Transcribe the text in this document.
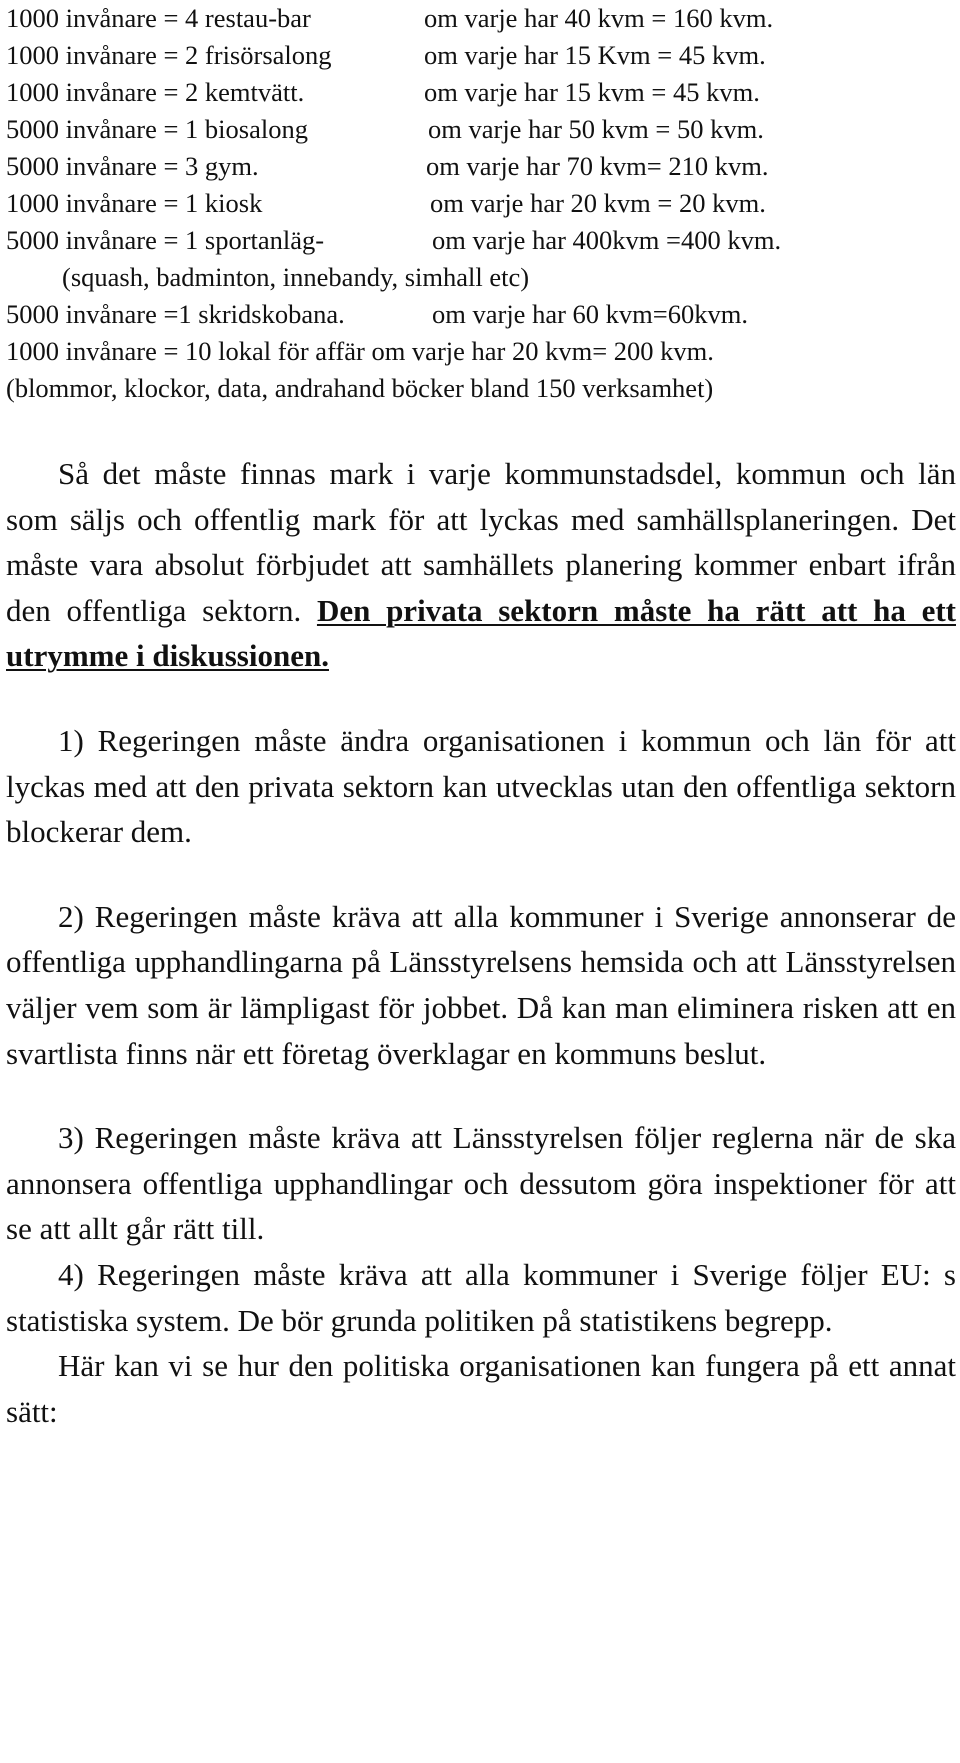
1000 invånare = 4 restau-bar	om varje har 40 kvm = 160 kvm.
1000 invånare = 2 frisörsalong	om varje har 15 Kvm = 45 kvm.
1000 invånare = 2 kemtvätt.	om varje har 15 kvm = 45 kvm.
5000 invånare = 1 biosalong	om varje har 50 kvm = 50 kvm.
5000 invånare = 3 gym.	om varje har 70 kvm= 210 kvm.
1000 invånare = 1 kiosk	om varje har 20 kvm = 20 kvm.
5000 invånare = 1 sportanläg-	om varje har 400kvm =400 kvm.
(squash, badminton, innebandy, simhall etc)
5000 invånare =1 skridskobana.	om varje har 60 kvm=60kvm.
1000 invånare = 10 lokal för affär om varje har 20 kvm= 200 kvm.
(blommor, klockor, data, andrahand böcker bland 150 verksamhet)

Så det måste finnas mark i varje kommunstadsdel, kommun och län som säljs och offentlig mark för att lyckas med samhällsplaneringen. Det måste vara absolut förbjudet att samhällets planering kommer enbart ifrån den offentliga sektorn. Den privata sektorn måste ha rätt att ha ett utrymme i diskussionen.

1) Regeringen måste ändra organisationen i kommun och län för att lyckas med att den privata sektorn kan utvecklas utan den offentliga sektorn blockerar dem.

2) Regeringen måste kräva att alla kommuner i Sverige annonserar de offentliga upphandlingarna på Länsstyrelsens hemsida och att Länsstyrelsen väljer vem som är lämpligast för jobbet. Då kan man eliminera risken att en svartlista finns när ett företag överklagar en kommuns beslut.

3) Regeringen måste kräva att Länsstyrelsen följer reglerna när de ska annonsera offentliga upphandlingar och dessutom göra inspektioner för att se att allt går rätt till.

4) Regeringen måste kräva att alla kommuner i Sverige följer EU: s statistiska system. De bör grunda politiken på statistikens begrepp.

Här kan vi se hur den politiska organisationen kan fungera på ett annat sätt:
